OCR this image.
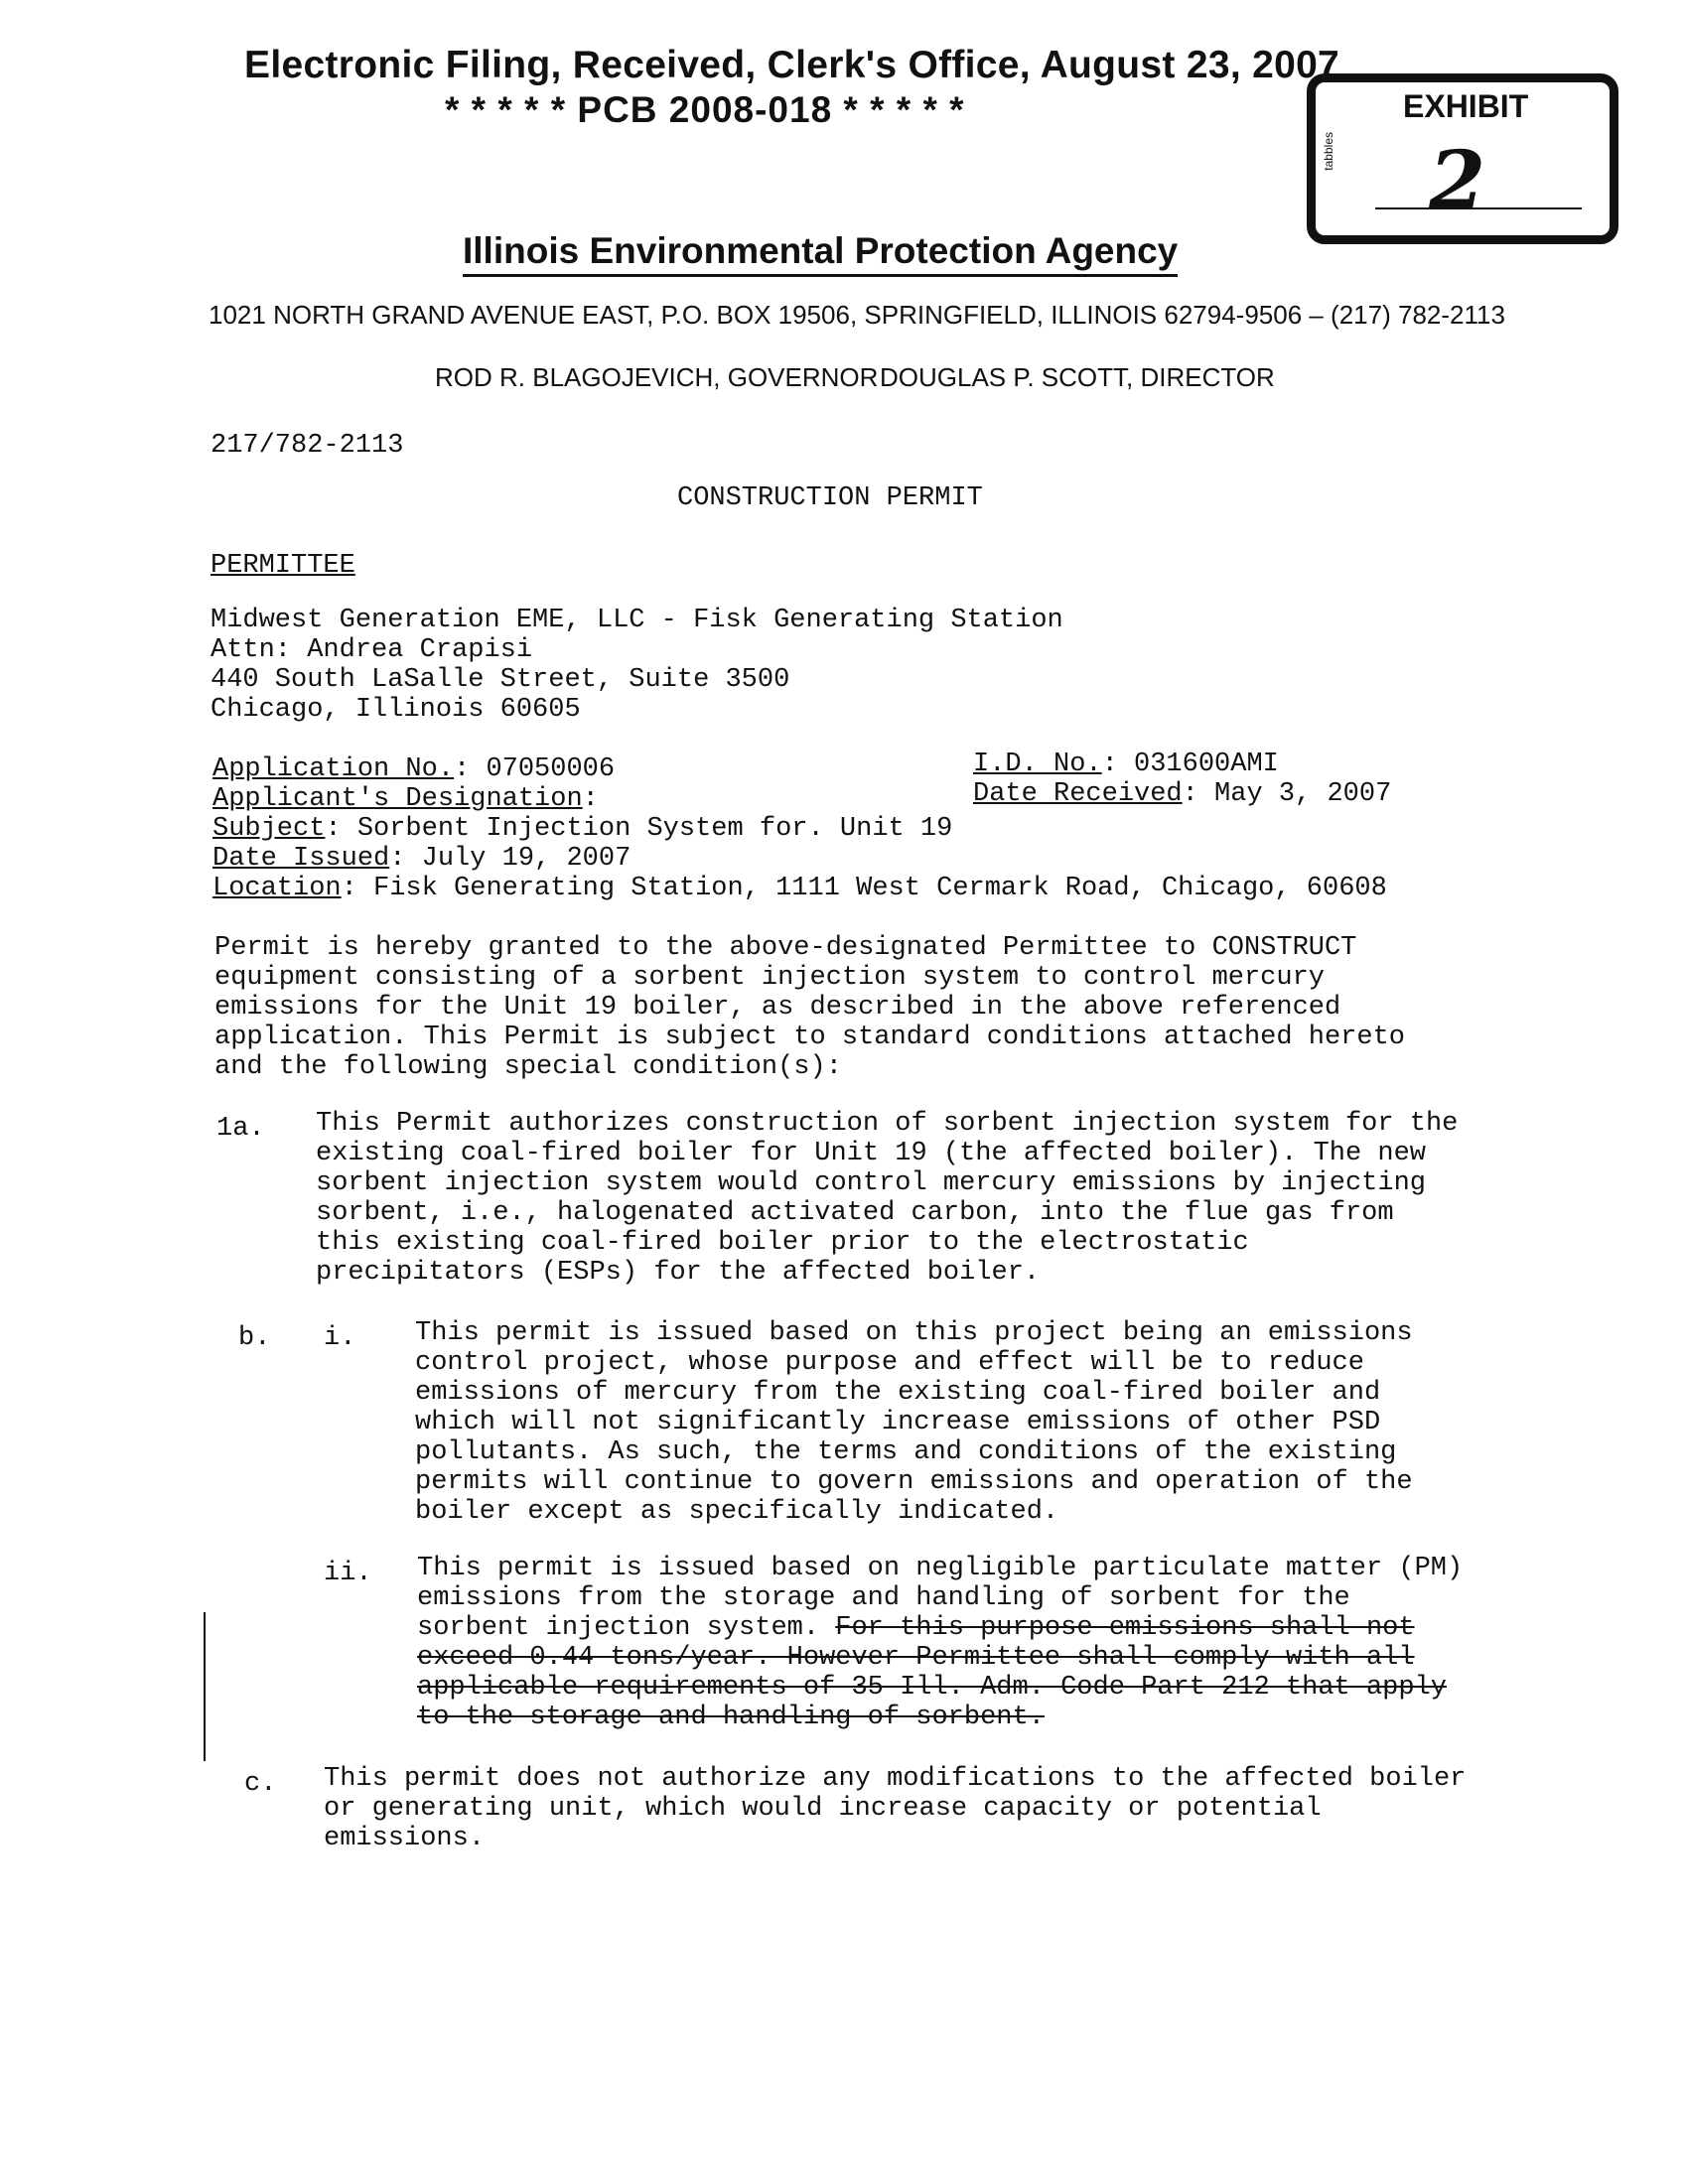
Electronic Filing, Received, Clerk's Office, August 23, 2007
* * * * * PCB 2008-018 * * * * *
tabbles
EXHIBIT
2
Illinois Environmental Protection Agency
1021 NORTH GRAND AVENUE EAST, P.O. BOX 19506, SPRINGFIELD, ILLINOIS 62794-9506 – (217) 782-2113
ROD R. BLAGOJEVICH, GOVERNOR DOUGLAS P. SCOTT, DIRECTOR
217/782-2113
CONSTRUCTION PERMIT
PERMITTEE
Midwest Generation EME, LLC - Fisk Generating Station
Attn: Andrea Crapisi
440 South LaSalle Street, Suite 3500
Chicago, Illinois 60605
Application No.: 07050006	I.D. No.: 031600AMI
Applicant's Designation:	Date Received: May 3, 2007
Subject: Sorbent Injection System for. Unit 19
Date Issued: July 19, 2007
Location: Fisk Generating Station, 1111 West Cermark Road, Chicago, 60608
Permit is hereby granted to the above-designated Permittee to CONSTRUCT
equipment consisting of a sorbent injection system to control mercury
emissions for the Unit 19 boiler, as described in the above referenced
application. This Permit is subject to standard conditions attached hereto
and the following special condition(s):
1a. This Permit authorizes construction of sorbent injection system for the
existing coal-fired boiler for Unit 19 (the affected boiler). The new
sorbent injection system would control mercury emissions by injecting
sorbent, i.e., halogenated activated carbon, into the flue gas from
this existing coal-fired boiler prior to the electrostatic
precipitators (ESPs) for the affected boiler.
b. i. This permit is issued based on this project being an emissions
control project, whose purpose and effect will be to reduce
emissions of mercury from the existing coal-fired boiler and
which will not significantly increase emissions of other PSD
pollutants. As such, the terms and conditions of the existing
permits will continue to govern emissions and operation of the
boiler except as specifically indicated.
ii. This permit is issued based on negligible particulate matter (PM)
emissions from the storage and handling of sorbent for the
sorbent injection system. For this purpose emissions shall not
exceed 0.44 tons/year. However Permittee shall comply with all
applicable requirements of 35 Ill. Adm. Code Part 212 that apply
to the storage and handling of sorbent.
c. This permit does not authorize any modifications to the affected boiler
or generating unit, which would increase capacity or potential
emissions.
